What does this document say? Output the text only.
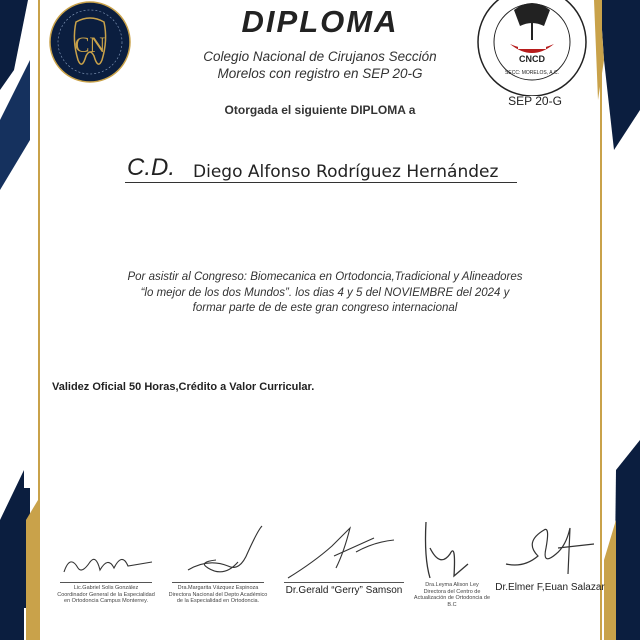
CN
CNCD
SECC: MORELOS, A.C.
DIPLOMA
Colegio Nacional de Cirujanos Sección
Morelos con registro en SEP 20-G
SEP 20-G
Otorgada el siguiente DIPLOMA a
C.D. Diego Alfonso Rodríguez Hernández
Por asistir al Congreso: Biomecanica en Ortodoncia,Tradicional y Alineadores
“lo mejor de los dos Mundos”. los dias 4 y 5 del NOVIEMBRE del 2024 y
formar parte de de este gran congreso internacional
Validez Oficial 50 Horas,Crédito a Valor Curricular.
Lic.Gabriel Solis González
Coordinador General de la Especialidad en Ortodoncia Campus Monterrey.
Dra.Margarita Vázquez Espinoza
Directora Nacional del Depto Académico de la Especialidad en Ortodoncia.
Dr.Gerald “Gerry” Samson	Dra.Leyma Alison Ley
Directora del Centro de Actualización de Ortodoncia de B.C
Dr.Elmer F,Euan Salazar
